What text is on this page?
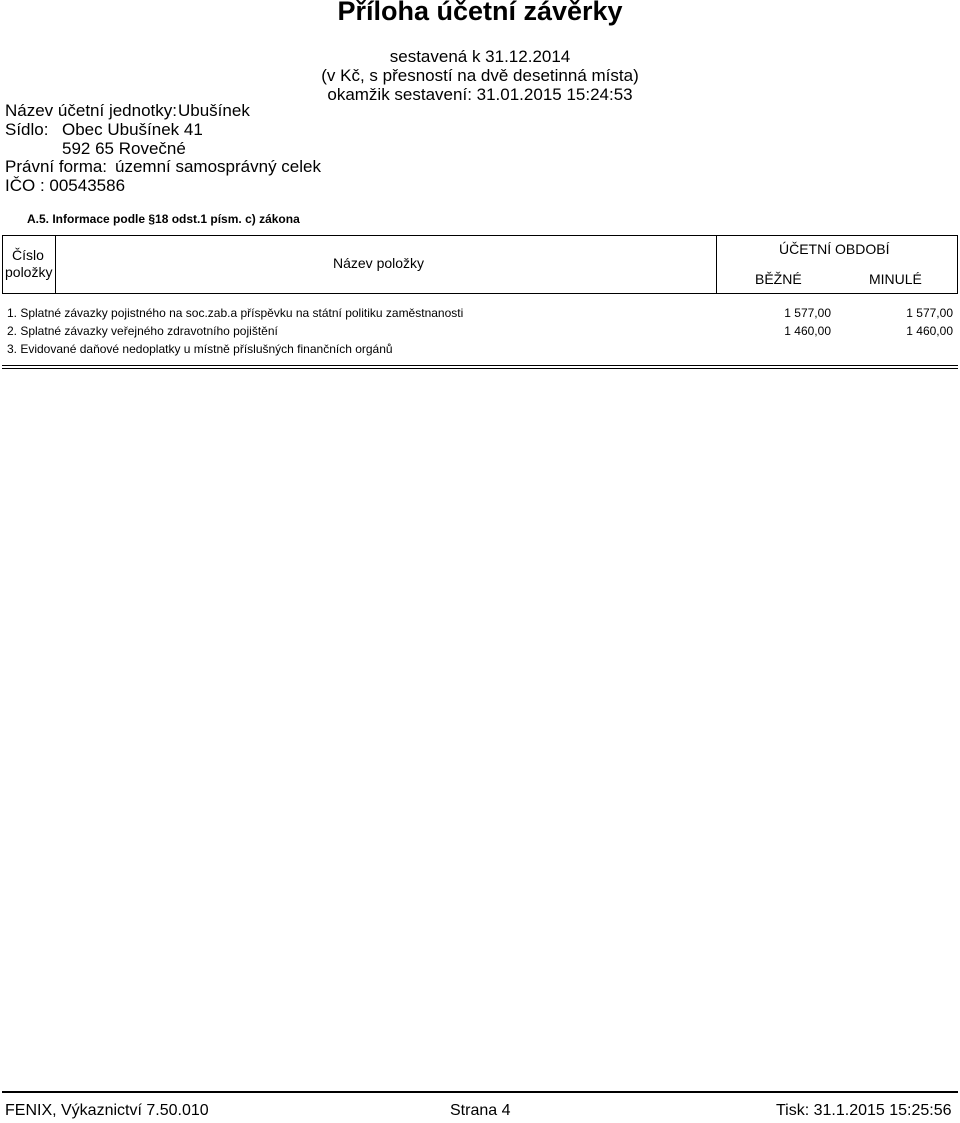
Příloha účetní závěrky
sestavená k 31.12.2014
(v Kč, s přesností na dvě desetinná místa)
okamžik sestavení: 31.01.2015 15:24:53
Název účetní jednotky: Ubušínek
Sídlo: Obec Ubušínek 41
592 65 Rovečné
Právní forma: územní samosprávný celek
IČO : 00543586
A.5. Informace podle §18 odst.1 písm. c) zákona
Číslo
položky
Název položky
ÚČETNÍ OBDOBÍ
BĚŽNÉ	MINULÉ
1. Splatné závazky pojistného na soc.zab.a příspěvku na státní politiku zaměstnanosti	1 577,00	1 577,00
2. Splatné závazky veřejného zdravotního pojištění	1 460,00	1 460,00
3. Evidované daňové nedoplatky u místně příslušných finančních orgánů
FENIX, Výkaznictví 7.50.010	Strana 4	Tisk: 31.1.2015 15:25:56
